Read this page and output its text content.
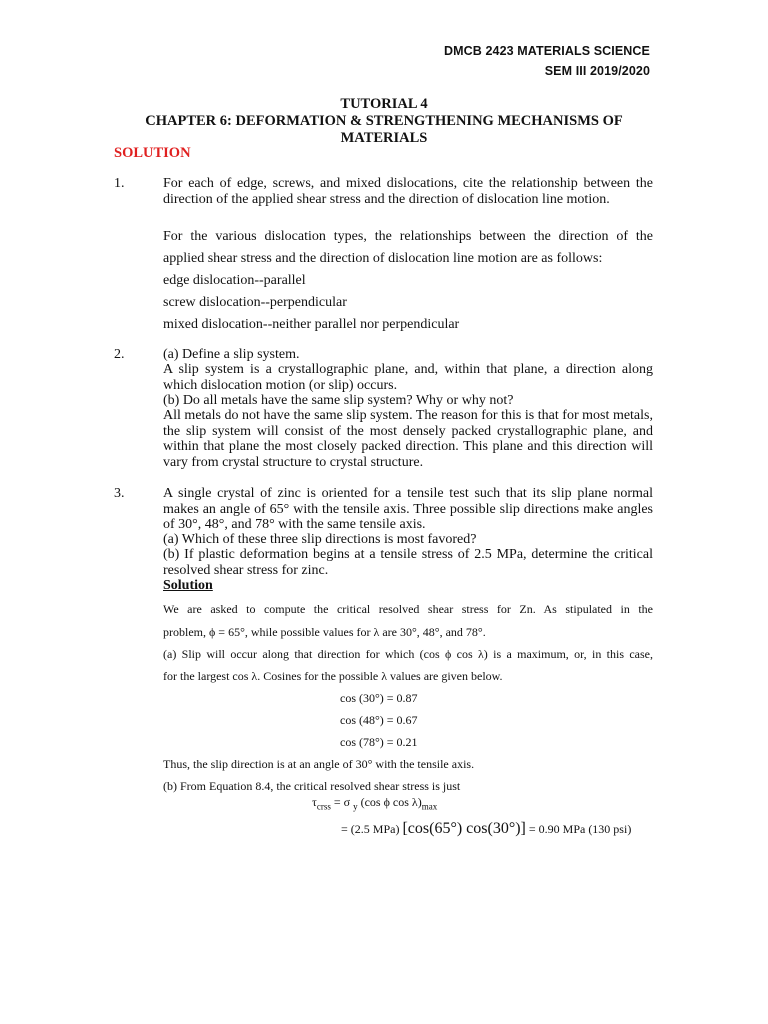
DMCB 2423 MATERIALS SCIENCE
SEM III 2019/2020
TUTORIAL 4
CHAPTER 6: DEFORMATION & STRENGTHENING MECHANISMS OF
MATERIALS
SOLUTION
1.	For each of edge, screws, and mixed dislocations, cite the relationship between the direction of the applied shear stress and the direction of dislocation line motion.

For the various dislocation types, the relationships between the direction of the
applied shear stress and the direction of dislocation line motion are as follows:
edge dislocation--parallel
screw dislocation--perpendicular
mixed dislocation--neither parallel nor perpendicular
2.	(a) Define a slip system.

A slip system is a crystallographic plane, and, within that plane, a direction along which dislocation motion (or slip) occurs.

(b) Do all metals have the same slip system? Why or why not?

All metals do not have the same slip system. The reason for this is that for most metals, the slip system will consist of the most densely packed crystallographic plane, and within that plane the most closely packed direction. This plane and this direction will vary from crystal structure to crystal structure.

3.	A single crystal of zinc is oriented for a tensile test such that its slip plane normal makes an angle of 65° with the tensile axis. Three possible slip directions make angles of 30°, 48°, and 78° with the same tensile axis.

(a) Which of these three slip directions is most favored?

(b) If plastic deformation begins at a tensile stress of 2.5 MPa, determine the critical resolved shear stress for zinc.

Solution
We are asked to compute the critical resolved shear stress for Zn. As stipulated in the
problem, ϕ = 65°, while possible values for λ are 30°, 48°, and 78°.
(a) Slip will occur along that direction for which (cos ϕ cos λ) is a maximum, or, in this case,
for the largest cos λ. Cosines for the possible λ values are given below.
cos (30°) = 0.87
cos (48°) = 0.67
cos (78°) = 0.21
Thus, the slip direction is at an angle of 30° with the tensile axis.
(b) From Equation 8.4, the critical resolved shear stress is just
$\tau_{crss} = \sigma$ $_y$ (cos ϕ $\cos \lambda)_{max}$
= (2.5 MPa) [cos(65°) cos(30°)] = 0.90 MPa (130 psi)
